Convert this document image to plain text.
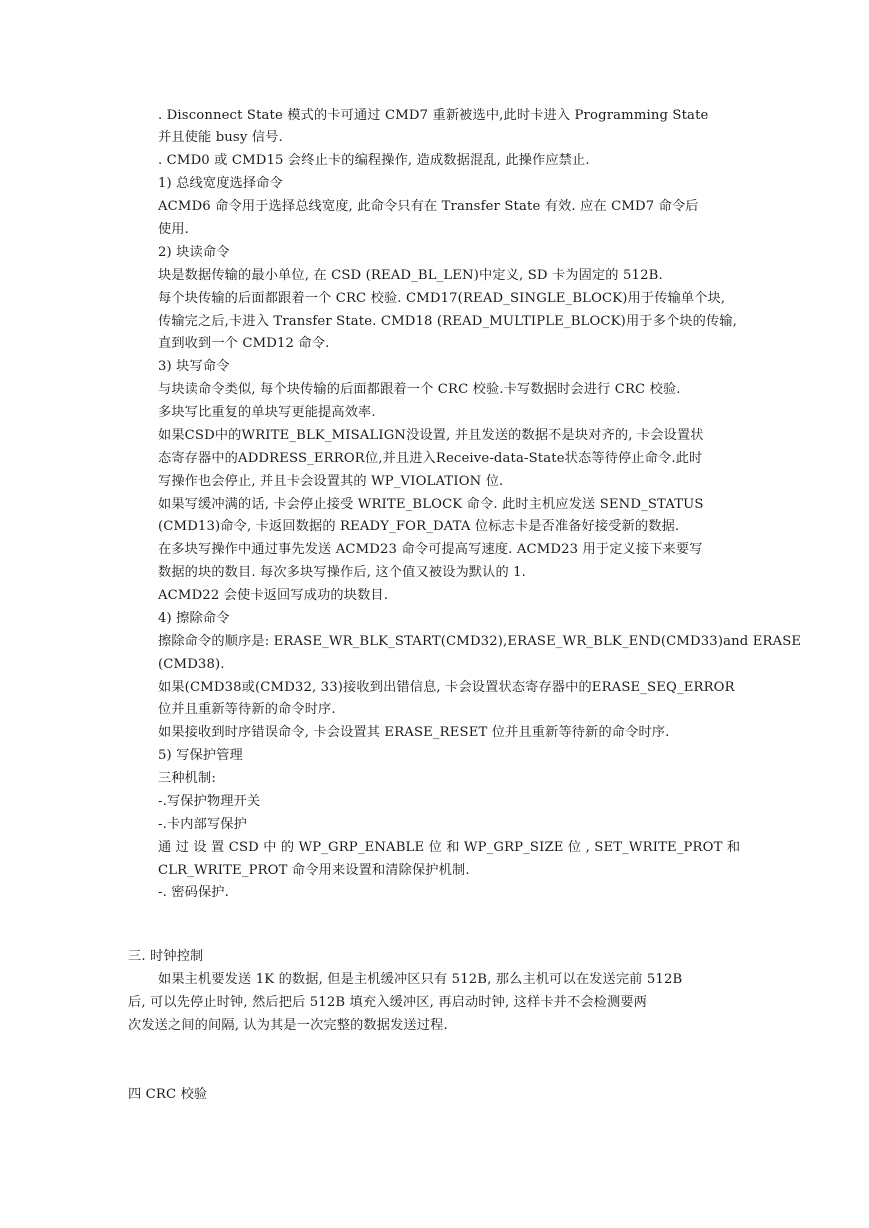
. Disconnect State 模式的卡可通过 CMD7 重新被选中,此时卡进入 Programming State
并且使能 busy 信号.
. CMD0 或 CMD15 会终止卡的编程操作, 造成数据混乱, 此操作应禁止.
1) 总线宽度选择命令
ACMD6 命令用于选择总线宽度, 此命令只有在 Transfer State 有效. 应在 CMD7 命令后
使用.
2) 块读命令
块是数据传输的最小单位, 在 CSD (READ_BL_LEN)中定义, SD 卡为固定的 512B.
每个块传输的后面都跟着一个 CRC 校验. CMD17(READ_SINGLE_BLOCK)用于传输单个块,
传输完之后,卡进入 Transfer State. CMD18 (READ_MULTIPLE_BLOCK)用于多个块的传输,
直到收到一个 CMD12 命令.
3) 块写命令
与块读命令类似, 每个块传输的后面都跟着一个 CRC 校验.卡写数据时会进行 CRC 校验.
多块写比重复的单块写更能提高效率.
如果CSD中的WRITE_BLK_MISALIGN没设置, 并且发送的数据不是块对齐的, 卡会设置状
态寄存器中的ADDRESS_ERROR位,并且进入Receive-data-State状态等待停止命令.此时
写操作也会停止, 并且卡会设置其的 WP_VIOLATION 位.
如果写缓冲满的话, 卡会停止接受 WRITE_BLOCK 命令. 此时主机应发送 SEND_STATUS
(CMD13)命令, 卡返回数据的 READY_FOR_DATA 位标志卡是否准备好接受新的数据.
在多块写操作中通过事先发送 ACMD23 命令可提高写速度. ACMD23 用于定义接下来要写
数据的块的数目. 每次多块写操作后, 这个值又被设为默认的 1.
ACMD22 会使卡返回写成功的块数目.
4) 擦除命令
擦除命令的顺序是: ERASE_WR_BLK_START(CMD32),ERASE_WR_BLK_END(CMD33)and ERASE
(CMD38).
如果(CMD38或(CMD32, 33)接收到出错信息, 卡会设置状态寄存器中的ERASE_SEQ_ERROR
位并且重新等待新的命令时序.
如果接收到时序错误命令, 卡会设置其 ERASE_RESET 位并且重新等待新的命令时序.
5) 写保护管理
三种机制:
-.写保护物理开关
-.卡内部写保护
通 过 设 置 CSD 中 的 WP_GRP_ENABLE 位 和 WP_GRP_SIZE 位 , SET_WRITE_PROT 和
CLR_WRITE_PROT 命令用来设置和清除保护机制.
-. 密码保护.
三. 时钟控制
如果主机要发送 1K 的数据, 但是主机缓冲区只有 512B, 那么主机可以在发送完前 512B
后, 可以先停止时钟, 然后把后 512B 填充入缓冲区, 再启动时钟, 这样卡并不会检测要两
次发送之间的间隔, 认为其是一次完整的数据发送过程.
四 CRC 校验
